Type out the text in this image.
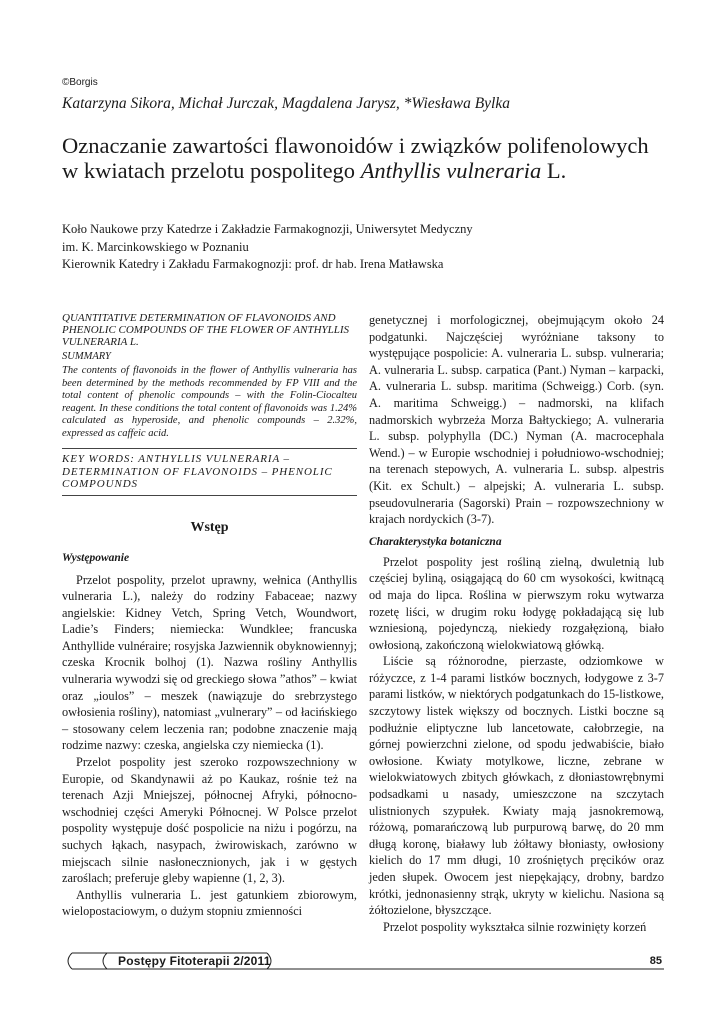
©Borgis
Katarzyna Sikora, Michał Jurczak, Magdalena Jarysz, *Wiesława Bylka
Oznaczanie zawartości flawonoidów i związków polifenolowych w kwiatach przelotu pospolitego Anthyllis vulneraria L.
Koło Naukowe przy Katedrze i Zakładzie Farmakognozji, Uniwersytet Medyczny
im. K. Marcinkowskiego w Poznaniu
Kierownik Katedry i Zakładu Farmakognozji: prof. dr hab. Irena Matławska
QUANTITATIVE DETERMINATION OF FLAVONOIDS AND PHENOLIC COMPOUNDS OF THE FLOWER OF ANTHYLLIS VULNERARIA L.
SUMMARY
The contents of flavonoids in the flower of Anthyllis vulneraria has been determined by the methods recommended by FP VIII and the total content of phenolic compounds – with the Folin-Ciocalteu reagent. In these conditions the total content of flavonoids was 1.24% calculated as hyperoside, and phenolic compounds – 2.32%, expressed as caffeic acid.
KEY WORDS: ANTHYLLIS VULNERARIA – DETERMINATION OF FLAVONOIDS – PHENOLIC COMPOUNDS
Wstęp
Występowanie

Przelot pospolity, przelot uprawny, wełnica (Anthyllis vulneraria L.), należy do rodziny Fabaceae; nazwy angielskie: Kidney Vetch, Spring Vetch, Woundwort, Ladie’s Finders; niemiecka: Wundklee; francuska Anthyllide vulnéraire; rosyjska Jazwiennik obyknowiennyj; czeska Krocnik bolhoj (1). Nazwa rośliny Anthyllis vulneraria wywodzi się od greckiego słowa ”athos” – kwiat oraz „ioulos” – meszek (nawiązuje do srebrzystego owłosienia rośliny), natomiast „vulnerary” – od łacińskiego – stosowany celem leczenia ran; podobne znaczenie mają rodzime nazwy: czeska, angielska czy niemiecka (1).

Przelot pospolity jest szeroko rozpowszechniony w Europie, od Skandynawii aż po Kaukaz, rośnie też na terenach Azji Mniejszej, północnej Afryki, północno-wschodniej części Ameryki Północnej. W Polsce przelot pospolity występuje dość pospolicie na niżu i pogórzu, na suchych łąkach, nasypach, żwirowiskach, zarówno w miejscach silnie nasłonecznionych, jak i w gęstych zaroślach; preferuje gleby wapienne (1, 2, 3).

Anthyllis vulneraria L. jest gatunkiem zbiorowym, wielopostaciowym, o dużym stopniu zmienności

genetycznej i morfologicznej, obejmującym około 24 podgatunki. Najczęściej wyróżniane taksony to występujące pospolicie: A. vulneraria L. subsp. vulneraria; A. vulneraria L. subsp. carpatica (Pant.) Nyman – karpacki, A. vulneraria L. subsp. maritima (Schweigg.) Corb. (syn. A. maritima Schweigg.) – nadmorski, na klifach nadmorskich wybrzeża Morza Bałtyckiego; A. vulneraria L. subsp. polyphylla (DC.) Nyman (A. macrocephala Wend.) – w Europie wschodniej i południowo-wschodniej; na terenach stepowych, A. vulneraria L. subsp. alpestris (Kit. ex Schult.) – alpejski; A. vulneraria L. subsp. pseudovulneraria (Sagorski) Prain – rozpowszechniony w krajach nordyckich (3-7).

Charakterystyka botaniczna

Przelot pospolity jest rośliną zielną, dwuletnią lub częściej byliną, osiągającą do 60 cm wysokości, kwitnącą od maja do lipca. Roślina w pierwszym roku wytwarza rozetę liści, w drugim roku łodygę pokładającą się lub wzniesioną, pojedynczą, niekiedy rozgałęzioną, biało owłosioną, zakończoną wielokwiatową główką.

Liście są różnorodne, pierzaste, odziomkowe w różyczce, z 1-4 parami listków bocznych, łodygowe z 3-7 parami listków, w niektórych podgatunkach do 15-listkowe, szczytowy listek większy od bocznych. Listki boczne są podłużnie eliptyczne lub lancetowate, całobrzegie, na górnej powierzchni zielone, od spodu jedwabiście, biało owłosione. Kwiaty motylkowe, liczne, zebrane w wielokwiatowych zbitych główkach, z dłoniastowrębnymi podsadkami u nasady, umieszczone na szczytach ulistnionych szypułek. Kwiaty mają jasnokremową, różową, pomarańczową lub purpurową barwę, do 20 mm długą koronę, białawy lub żółtawy błoniasty, owłosiony kielich do 17 mm długi, 10 zrośniętych pręcików oraz jeden słupek. Owocem jest niepękający, drobny, bardzo krótki, jednonasienny strąk, ukryty w kielichu. Nasiona są żółtozielone, błyszczące.

Przelot pospolity wykształca silnie rozwinięty korzeń

Postępy Fitoterapii 2/2011	85
